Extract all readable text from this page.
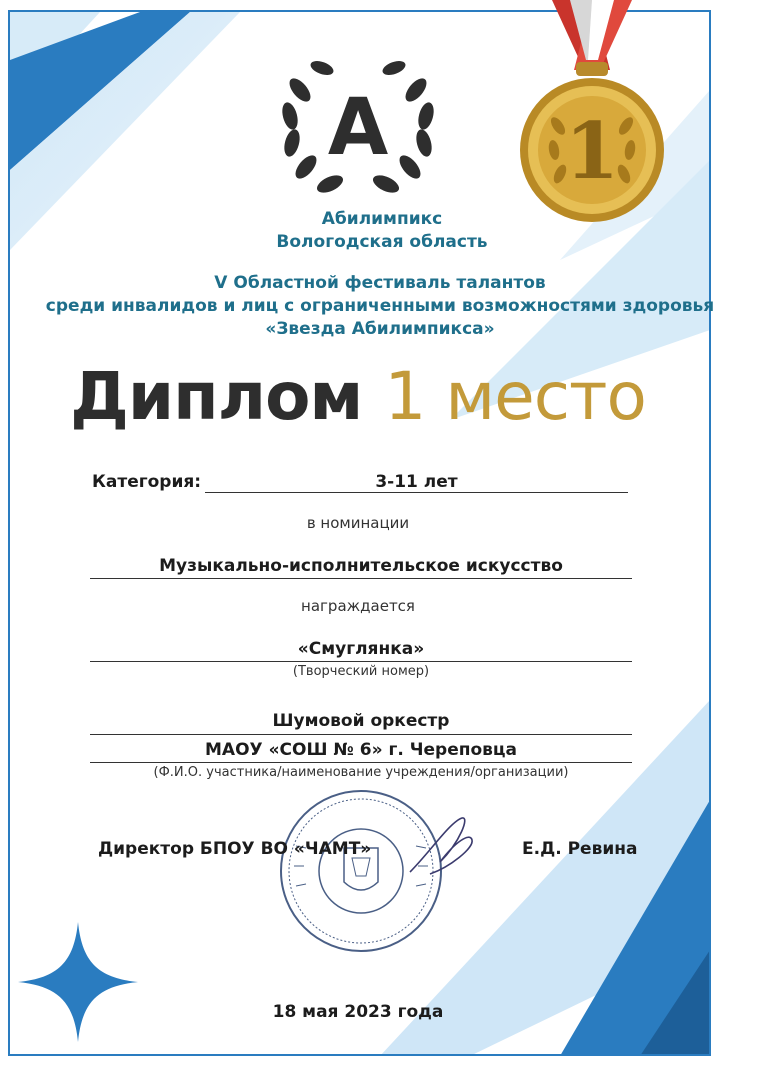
А 1
Абилимпикс
Вологодская область
V Областной фестиваль талантов
среди инвалидов и лиц с ограниченными возможностями здоровья
«Звезда Абилимпикса»
Диплом 1 место
Категория:	3-11 лет
в номинации
Музыкально-исполнительское искусство
награждается
«Смуглянка»
(Творческий номер)
Шумовой оркестр
МАОУ «СОШ № 6» г. Череповца
(Ф.И.О. участника/наименование учреждения/организации)
Директор БПОУ ВО «ЧАМТ»	Е.Д. Ревина
18 мая 2023 года
